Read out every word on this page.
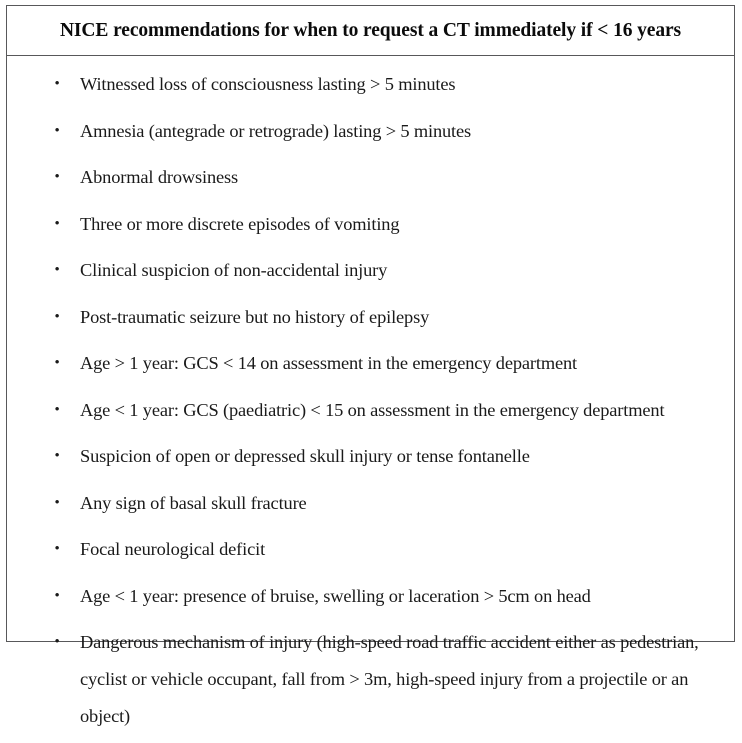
NICE recommendations for when to request a CT immediately if < 16 years
• Witnessed loss of consciousness lasting > 5 minutes
• Amnesia (antegrade or retrograde) lasting > 5 minutes
• Abnormal drowsiness
• Three or more discrete episodes of vomiting
• Clinical suspicion of non-accidental injury
• Post-traumatic seizure but no history of epilepsy
• Age > 1 year: GCS < 14 on assessment in the emergency department
• Age < 1 year: GCS (paediatric) < 15 on assessment in the emergency department
• Suspicion of open or depressed skull injury or tense fontanelle
• Any sign of basal skull fracture
• Focal neurological deficit
• Age < 1 year: presence of bruise, swelling or laceration > 5cm on head
• Dangerous mechanism of injury (high-speed road traffic accident either as pedestrian, cyclist or vehicle occupant, fall from > 3m, high-speed injury from a projectile or an object)
